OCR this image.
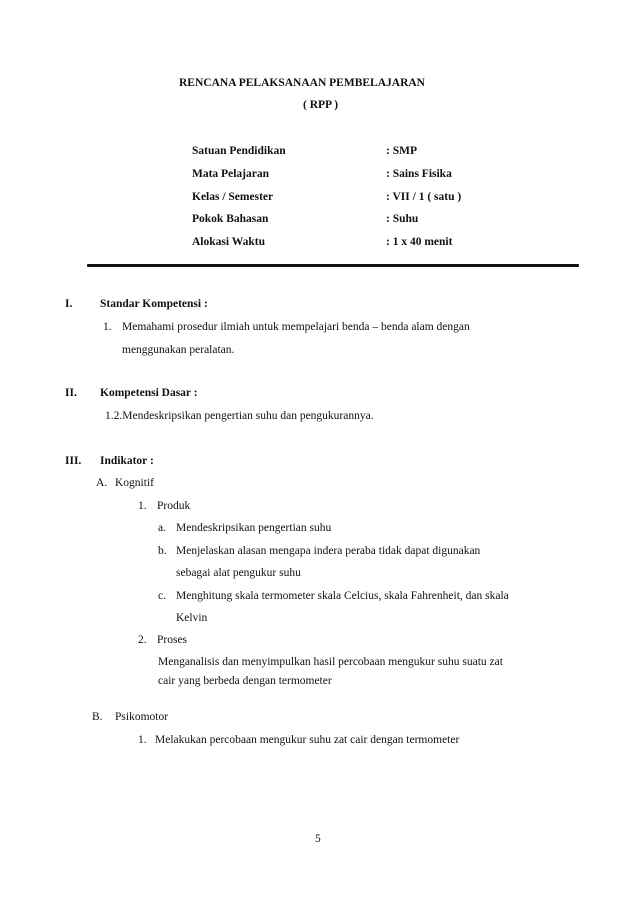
RENCANA PELAKSANAAN PEMBELAJARAN
( RPP )
Satuan Pendidikan	: SMP
Mata Pelajaran	: Sains Fisika
Kelas / Semester	: VII / 1 ( satu )
Pokok Bahasan	: Suhu
Alokasi Waktu	: 1 x 40 menit
I. Standar Kompetensi :
1. Memahami prosedur ilmiah untuk mempelajari benda – benda alam dengan
menggunakan peralatan.
II. Kompetensi Dasar :
1.2.Mendeskripsikan pengertian suhu dan pengukurannya.
III. Indikator :
A. Kognitif
1. Produk
a. Mendeskripsikan pengertian suhu
b. Menjelaskan alasan mengapa indera peraba tidak dapat digunakan
sebagai alat pengukur suhu
c. Menghitung skala termometer skala Celcius, skala Fahrenheit, dan skala
Kelvin
2. Proses
Menganalisis dan menyimpulkan hasil percobaan mengukur suhu suatu zat
cair yang berbeda dengan termometer
B. Psikomotor
1. Melakukan percobaan mengukur suhu zat cair dengan termometer
5
